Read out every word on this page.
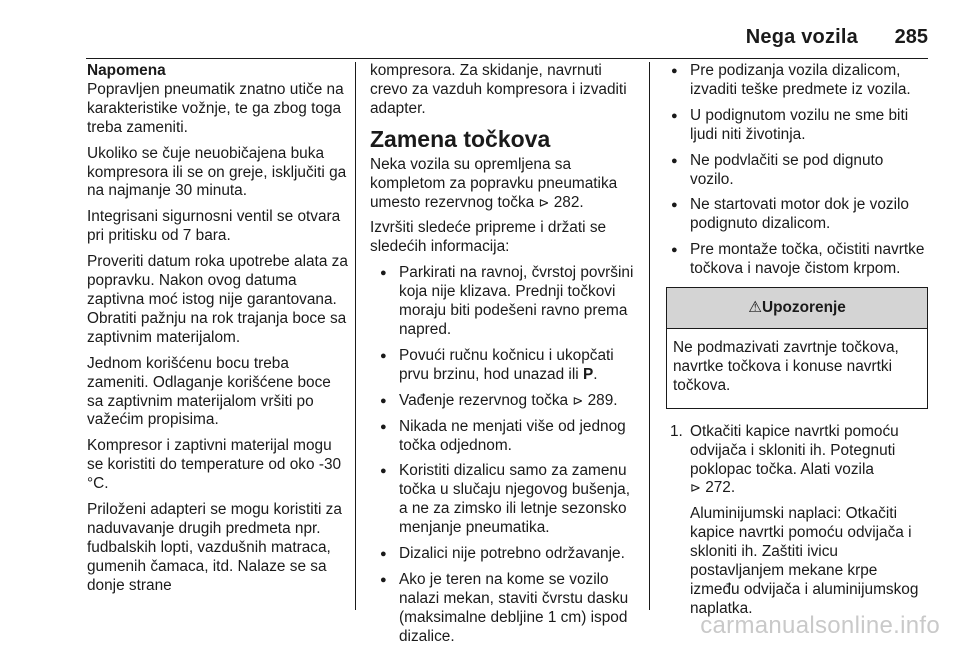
Nega vozila 285

Napomena

Popravljen pneumatik znatno utiče na karakteristike vožnje, te ga zbog toga treba zameniti.

Ukoliko se čuje neuobičajena buka kompresora ili se on greje, isključiti ga na najmanje 30 minuta.

Integrisani sigurnosni ventil se otvara pri pritisku od 7 bara.

Proveriti datum roka upotrebe alata za popravku. Nakon ovog datuma zaptivna moć istog nije garantovana. Obratiti pažnju na rok trajanja boce sa zaptivnim materijalom.

Jednom korišćenu bocu treba zameniti. Odlaganje korišćene boce sa zaptivnim materijalom vršiti po važećim propisima.

Kompresor i zaptivni materijal mogu se koristiti do temperature od oko -30 °C.

Priloženi adapteri se mogu koristiti za naduvavanje drugih predmeta npr. fudbalskih lopti, vazdušnih matraca, gumenih čamaca, itd. Nalaze se sa donje strane

kompresora. Za skidanje, navrnuti crevo za vazduh kompresora i izvaditi adapter.

Zamena točkova

Neka vozila su opremljena sa kompletom za popravku pneumatika umesto rezervnog točka ⊳ 282.

Izvršiti sledeće pripreme i držati se sledećih informacija:

● Parkirati na ravnoj, čvrstoj površini koja nije klizava. Prednji točkovi moraju biti podešeni ravno prema napred.
● Povući ručnu kočnicu i ukopčati prvu brzinu, hod unazad ili P.
● Vađenje rezervnog točka ⊳ 289.
● Nikada ne menjati više od jednog točka odjednom.
● Koristiti dizalicu samo za zamenu točka u slučaju njegovog bušenja, a ne za zimsko ili letnje sezonsko menjanje pneumatika.
● Dizalici nije potrebno održavanje.
● Ako je teren na kome se vozilo nalazi mekan, staviti čvrstu dasku (maksimalne debljine 1 cm) ispod dizalice.
● Pre podizanja vozila dizalicom, izvaditi teške predmete iz vozila.
● U podignutom vozilu ne sme biti ljudi niti životinja.
● Ne podvlačiti se pod dignuto vozilo.
● Ne startovati motor dok je vozilo podignuto dizalicom.
● Pre montaže točka, očistiti navrtke točkova i navoje čistom krpom.
⚠Upozorenje
Ne podmazivati zavrtnje točkova, navrtke točkova i konuse navrtki točkova.
1. Otkačiti kapice navrtki pomoću odvijača i skloniti ih. Potegnuti poklopac točka. Alati vozila
⊳ 272.

Aluminijumski naplaci: Otkačiti kapice navrtki pomoću odvijača i skloniti ih. Zaštiti ivicu postavljanjem mekane krpe između odvijača i aluminijumskog naplatka.

carmanualsonline.info
